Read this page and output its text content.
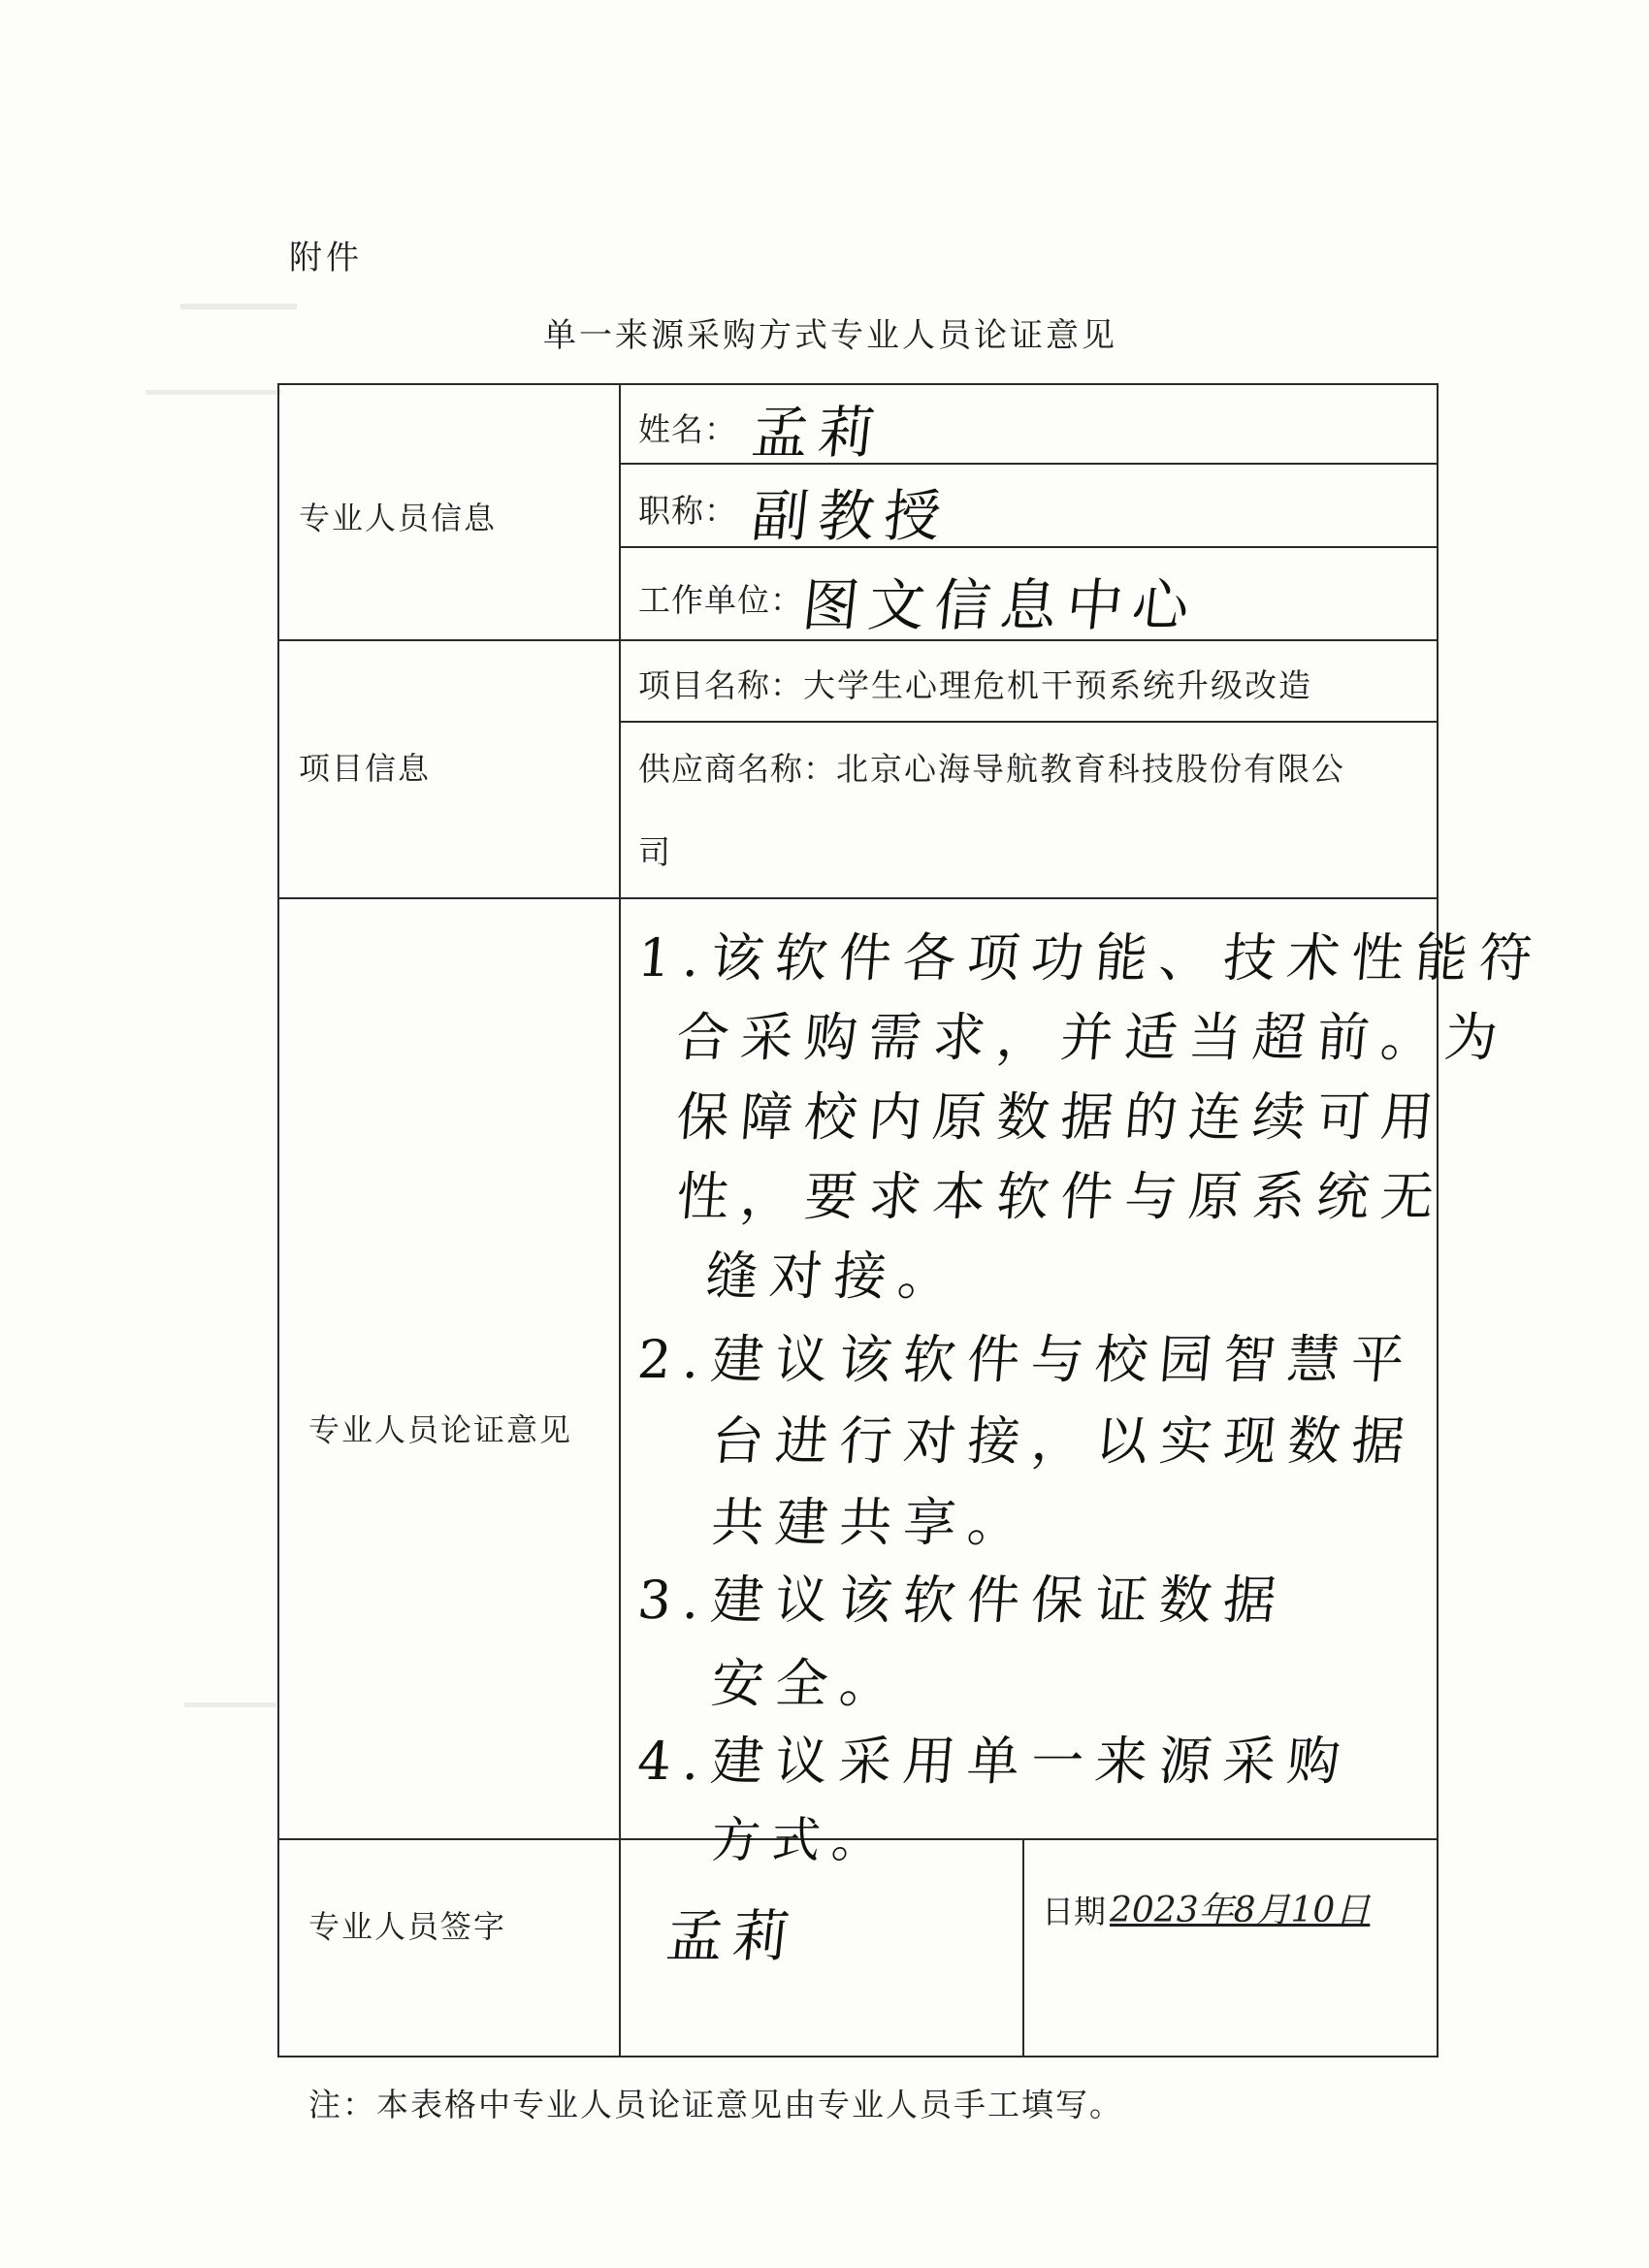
附件
单一来源采购方式专业人员论证意见
专业人员信息
姓名： 孟莉
职称： 副教授
工作单位：
图文信息中心
项目信息
项目名称： 大学生心理危机干预系统升级改造
供应商名称： 北京心海导航教育科技股份有限公
司
专业人员论证意见
1.该软件各项功能、技术性能符
合采购需求，并适当超前。为
保障校内原数据的连续可用
性，要求本软件与原系统无
缝对接。
2.建议该软件与校园智慧平
台进行对接，以实现数据
共建共享。
3.建议该软件保证数据
安全。
4.建议采用单一来源采购
方式。
专业人员签字	孟莉	日期 2023年8月10日
注：本表格中专业人员论证意见由专业人员手工填写。
